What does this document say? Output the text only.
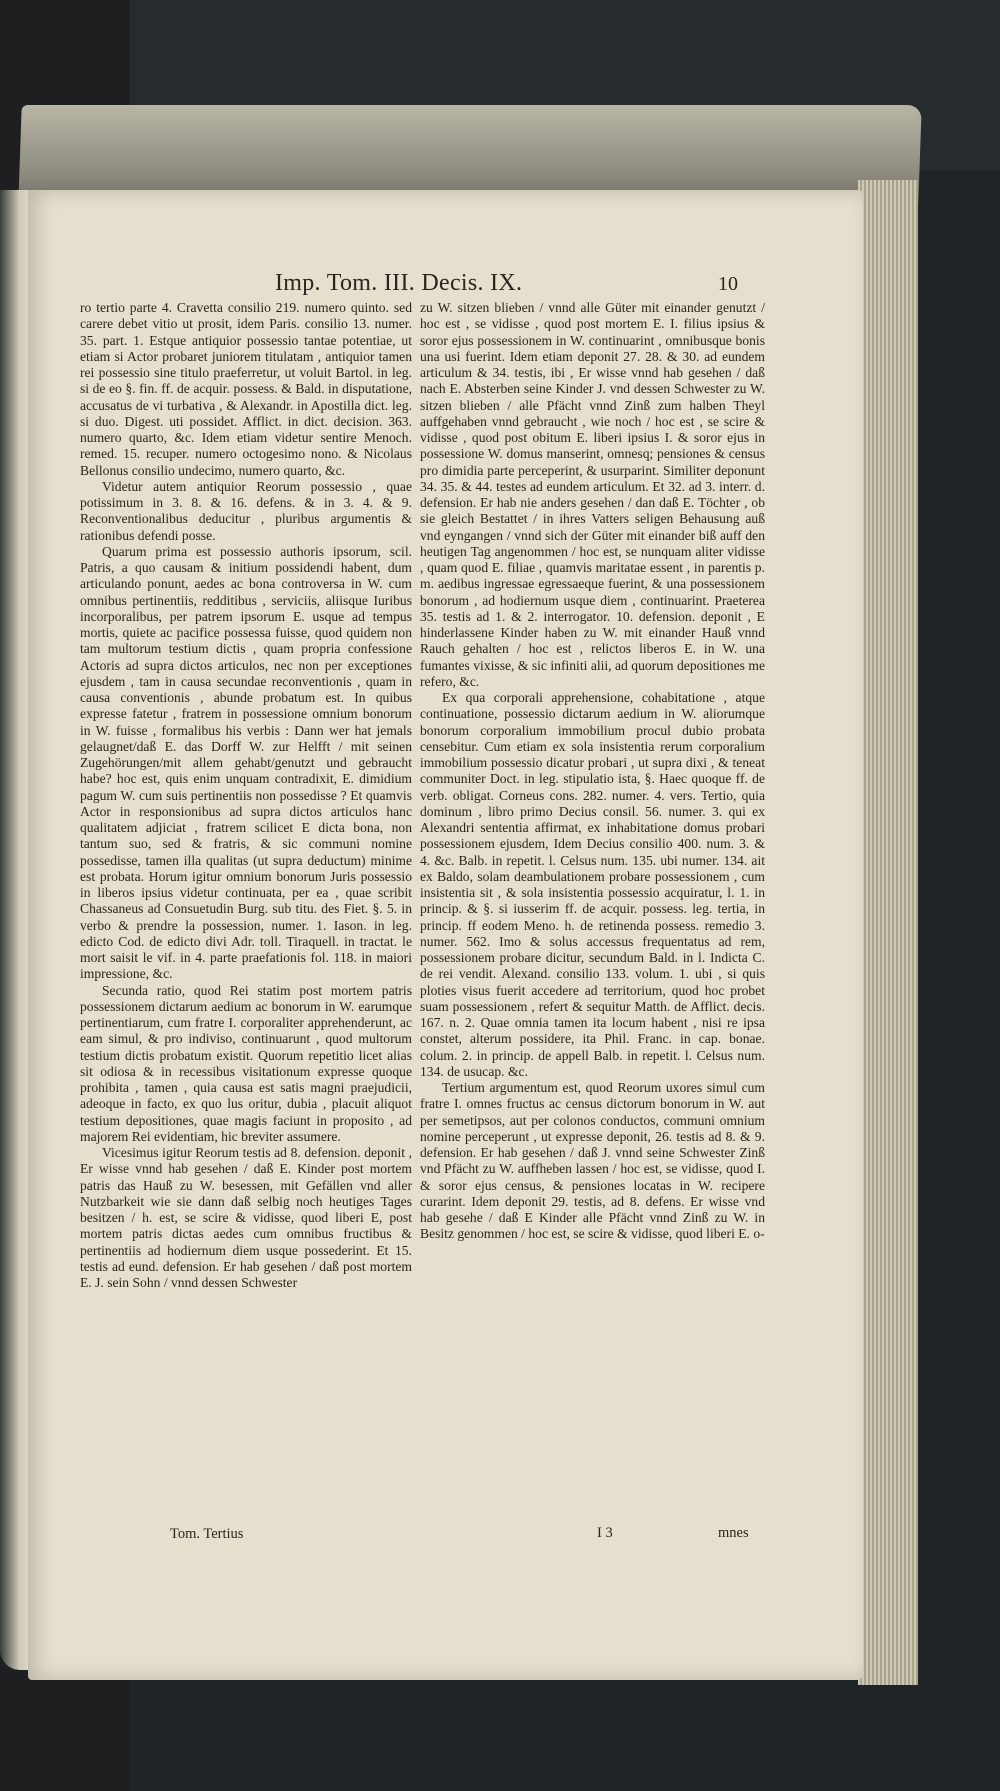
Imp. Tom. III. Decis. IX.	10

ro tertio parte 4. Cravetta consilio 219. numero quinto. sed carere debet vitio ut prosit, idem Paris. consilio 13. numer. 35. part. 1. Estque antiquior possessio tantae potentiae, ut etiam si Actor probaret juniorem titulatam , antiquior tamen rei possessio sine titulo praeferretur, ut voluit Bartol. in leg. si de eo §. fin. ff. de acquir. possess. & Bald. in disputatione, accusatus de vi turbativa , & Alexandr. in Apostilla dict. leg. si duo. Digest. uti possidet. Afflict. in dict. decision. 363. numero quarto, &c. Idem etiam videtur sentire Menoch. remed. 15. recuper. numero octogesimo nono. & Nicolaus Bellonus consilio undecimo, numero quarto, &c.

Videtur autem antiquior Reorum possessio , quae potissimum in 3. 8. & 16. defens. & in 3. 4. & 9. Reconventionalibus deducitur , pluribus argumentis & rationibus defendi posse.

Quarum prima est possessio authoris ipsorum, scil. Patris, a quo causam & initium possidendi habent, dum articulando ponunt, aedes ac bona controversa in W. cum omnibus pertinentiis, redditibus , serviciis, aliisque Iuribus incorporalibus, per patrem ipsorum E. usque ad tempus mortis, quiete ac pacifice possessa fuisse, quod quidem non tam multorum testium dictis , quam propria confessione Actoris ad supra dictos articulos, nec non per exceptiones ejusdem , tam in causa secundae reconventionis , quam in causa conventionis , abunde probatum est. In quibus expresse fatetur , fratrem in possessione omnium bonorum in W. fuisse , formalibus his verbis : Dann wer hat jemals gelaugnet/daß E. das Dorff W. zur Helfft / mit seinen Zugehörungen/mit allem gehabt/genutzt und gebraucht habe? hoc est, quis enim unquam contradixit, E. dimidium pagum W. cum suis pertinentiis non possedisse ? Et quamvis Actor in responsionibus ad supra dictos articulos hanc qualitatem adjiciat , fratrem scilicet E dicta bona, non tantum suo, sed & fratris, & sic communi nomine possedisse, tamen illa qualitas (ut supra deductum) minime est probata. Horum igitur omnium bonorum Juris possessio in liberos ipsius videtur continuata, per ea , quae scribit Chassaneus ad Consuetudin Burg. sub titu. des Fiet. §. 5. in verbo & prendre la possession, numer. 1. Iason. in leg. edicto Cod. de edicto divi Adr. toll. Tiraquell. in tractat. le mort saisit le vif. in 4. parte praefationis fol. 118. in maiori impressione, &c.

Secunda ratio, quod Rei statim post mortem patris possessionem dictarum aedium ac bonorum in W. earumque pertinentiarum, cum fratre I. corporaliter apprehenderunt, ac eam simul, & pro indiviso, continuarunt , quod multorum testium dictis probatum existit. Quorum repetitio licet alias sit odiosa & in recessibus visitationum expresse quoque prohibita , tamen , quia causa est satis magni praejudicii, adeoque in facto, ex quo lus oritur, dubia , placuit aliquot testium depositiones, quae magis faciunt in proposito , ad majorem Rei evidentiam, hic breviter assumere.

Vicesimus igitur Reorum testis ad 8. defension. deponit , Er wisse vnnd hab gesehen / daß E. Kinder post mortem patris das Hauß zu W. besessen, mit Gefällen vnd aller Nutzbarkeit wie sie dann daß selbig noch heutiges Tages besitzen / h. est, se scire & vidisse, quod liberi E, post mortem patris dictas aedes cum omnibus fructibus & pertinentiis ad hodiernum diem usque possederint. Et 15. testis ad eund. defension. Er hab gesehen / daß post mortem E. J. sein Sohn / vnnd dessen Schwester

zu W. sitzen blieben / vnnd alle Güter mit einander genutzt / hoc est , se vidisse , quod post mortem E. I. filius ipsius & soror ejus possessionem in W. continuarint , omnibusque bonis una usi fuerint. Idem etiam deponit 27. 28. & 30. ad eundem articulum & 34. testis, ibi , Er wisse vnnd hab gesehen / daß nach E. Absterben seine Kinder J. vnd dessen Schwester zu W. sitzen blieben / alle Pfächt vnnd Zinß zum halben Theyl auffgehaben vnnd gebraucht , wie noch / hoc est , se scire & vidisse , quod post obitum E. liberi ipsius I. & soror ejus in possessione W. domus manserint, omnesq; pensiones & census pro dimidia parte perceperint, & usurparint. Similiter deponunt 34. 35. & 44. testes ad eundem articulum. Et 32. ad 3. interr. d. defension. Er hab nie anders gesehen / dan daß E. Töchter , ob sie gleich Bestattet / in ihres Vatters seligen Behausung auß vnd eyngangen / vnnd sich der Güter mit einander biß auff den heutigen Tag angenommen / hoc est, se nunquam aliter vidisse , quam quod E. filiae , quamvis maritatae essent , in parentis p. m. aedibus ingressae egressaeque fuerint, & una possessionem bonorum , ad hodiernum usque diem , continuarint. Praeterea 35. testis ad 1. & 2. interrogator. 10. defension. deponit , E hinderlassene Kinder haben zu W. mit einander Hauß vnnd Rauch gehalten / hoc est , relictos liberos E. in W. una fumantes vixisse, & sic infiniti alii, ad quorum depositiones me refero, &c.

Ex qua corporali apprehensione, cohabitatione , atque continuatione, possessio dictarum aedium in W. aliorumque bonorum corporalium immobilium procul dubio probata censebitur. Cum etiam ex sola insistentia rerum corporalium immobilium possessio dicatur probari , ut supra dixi , & teneat communiter Doct. in leg. stipulatio ista, §. Haec quoque ff. de verb. obligat. Corneus cons. 282. numer. 4. vers. Tertio, quia dominum , libro primo Decius consil. 56. numer. 3. qui ex Alexandri sententia affirmat, ex inhabitatione domus probari possessionem ejusdem, Idem Decius consilio 400. num. 3. & 4. &c. Balb. in repetit. l. Celsus num. 135. ubi numer. 134. ait ex Baldo, solam deambulationem probare possessionem , cum insistentia sit , & sola insistentia possessio acquiratur, l. 1. in princip. & §. si iusserim ff. de acquir. possess. leg. tertia, in princip. ff eodem Meno. h. de retinenda possess. remedio 3. numer. 562. Imo & solus accessus frequentatus ad rem, possessionem probare dicitur, secundum Bald. in l. Indicta C. de rei vendit. Alexand. consilio 133. volum. 1. ubi , si quis ploties visus fuerit accedere ad territorium, quod hoc probet suam possessionem , refert & sequitur Matth. de Afflict. decis. 167. n. 2. Quae omnia tamen ita locum habent , nisi re ipsa constet, alterum possidere, ita Phil. Franc. in cap. bonae. colum. 2. in princip. de appell Balb. in repetit. l. Celsus num. 134. de usucap. &c.

Tertium argumentum est, quod Reorum uxores simul cum fratre I. omnes fructus ac census dictorum bonorum in W. aut per semetipsos, aut per colonos conductos, communi omnium nomine perceperunt , ut expresse deponit, 26. testis ad 8. & 9. defension. Er hab gesehen / daß J. vnnd seine Schwester Zinß vnd Pfächt zu W. auffheben lassen / hoc est, se vidisse, quod I. & soror ejus census, & pensiones locatas in W. recipere curarint. Idem deponit 29. testis, ad 8. defens. Er wisse vnd hab gesehe / daß E Kinder alle Pfächt vnnd Zinß zu W. in Besitz genommen / hoc est, se scire & vidisse, quod liberi E. o-

Tom. Tertius	I 3	mnes
